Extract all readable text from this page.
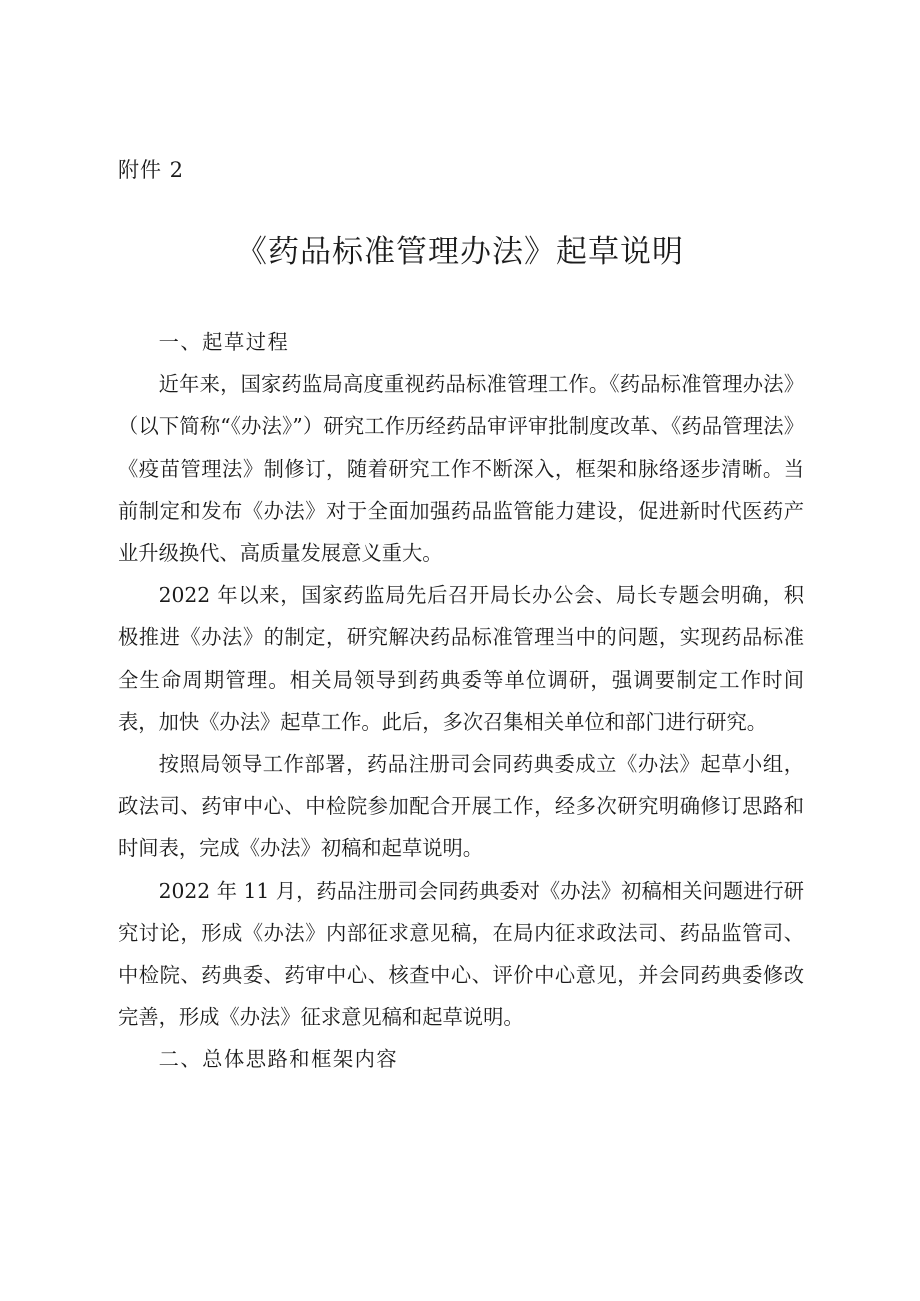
附件 2
《药品标准管理办法》起草说明

一、起草过程

近年来，国家药监局高度重视药品标准管理工作。《药品标准管理办法》（以下简称“《办法》”）研究工作历经药品审评审批制度改革、《药品管理法》《疫苗管理法》制修订，随着研究工作不断深入，框架和脉络逐步清晰。当前制定和发布《办法》对于全面加强药品监管能力建设，促进新时代医药产业升级换代、高质量发展意义重大。

2022 年以来，国家药监局先后召开局长办公会、局长专题会明确，积极推进《办法》的制定，研究解决药品标准管理当中的问题，实现药品标准全生命周期管理。相关局领导到药典委等单位调研，强调要制定工作时间表，加快《办法》起草工作。此后，多次召集相关单位和部门进行研究。

按照局领导工作部署，药品注册司会同药典委成立《办法》起草小组，政法司、药审中心、中检院参加配合开展工作，经多次研究明确修订思路和时间表，完成《办法》初稿和起草说明。

2022 年 11 月，药品注册司会同药典委对《办法》初稿相关问题进行研究讨论，形成《办法》内部征求意见稿，在局内征求政法司、药品监管司、中检院、药典委、药审中心、核查中心、评价中心意见，并会同药典委修改完善，形成《办法》征求意见稿和起草说明。

二、总体思路和框架内容
